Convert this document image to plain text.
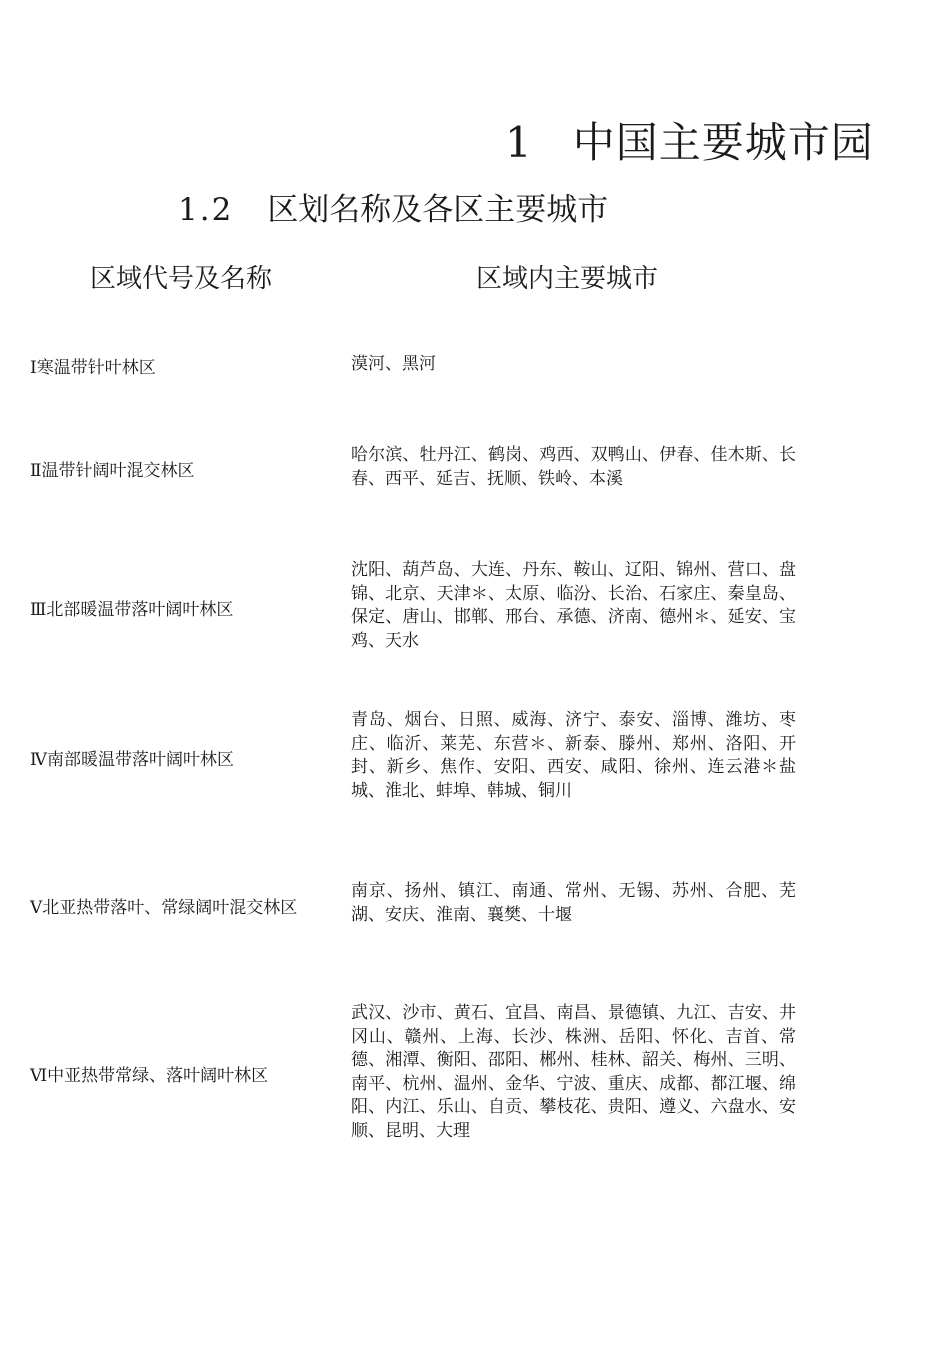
1 中国主要城市园
1.2 区划名称及各区主要城市
区域代号及名称	区域内主要城市
Ⅰ寒温带针叶林区	漠河、黑河
Ⅱ温带针阔叶混交林区
哈尔滨、牡丹江、鹤岗、鸡西、双鸭山、伊春、佳木斯、长春、西平、延吉、抚顺、铁岭、本溪
Ⅲ北部暖温带落叶阔叶林区
沈阳、葫芦岛、大连、丹东、鞍山、辽阳、锦州、营口、盘锦、北京、天津＊、太原、临汾、长治、石家庄、秦皇岛、保定、唐山、邯郸、邢台、承德、济南、德州＊、延安、宝鸡、天水
Ⅳ南部暖温带落叶阔叶林区
青岛、烟台、日照、威海、济宁、泰安、淄博、潍坊、枣庄、临沂、莱芜、东营＊、新泰、滕州、郑州、洛阳、开封、新乡、焦作、安阳、西安、咸阳、徐州、连云港＊盐城、淮北、蚌埠、韩城、铜川
Ⅴ北亚热带落叶、常绿阔叶混交林区
南京、扬州、镇江、南通、常州、无锡、苏州、合肥、芜湖、安庆、淮南、襄樊、十堰
Ⅵ中亚热带常绿、落叶阔叶林区
武汉、沙市、黄石、宜昌、南昌、景德镇、九江、吉安、井冈山、赣州、上海、长沙、株洲、岳阳、怀化、吉首、常德、湘潭、衡阳、邵阳、郴州、桂林、韶关、梅州、三明、南平、杭州、温州、金华、宁波、重庆、成都、都江堰、绵阳、内江、乐山、自贡、攀枝花、贵阳、遵义、六盘水、安顺、昆明、大理
